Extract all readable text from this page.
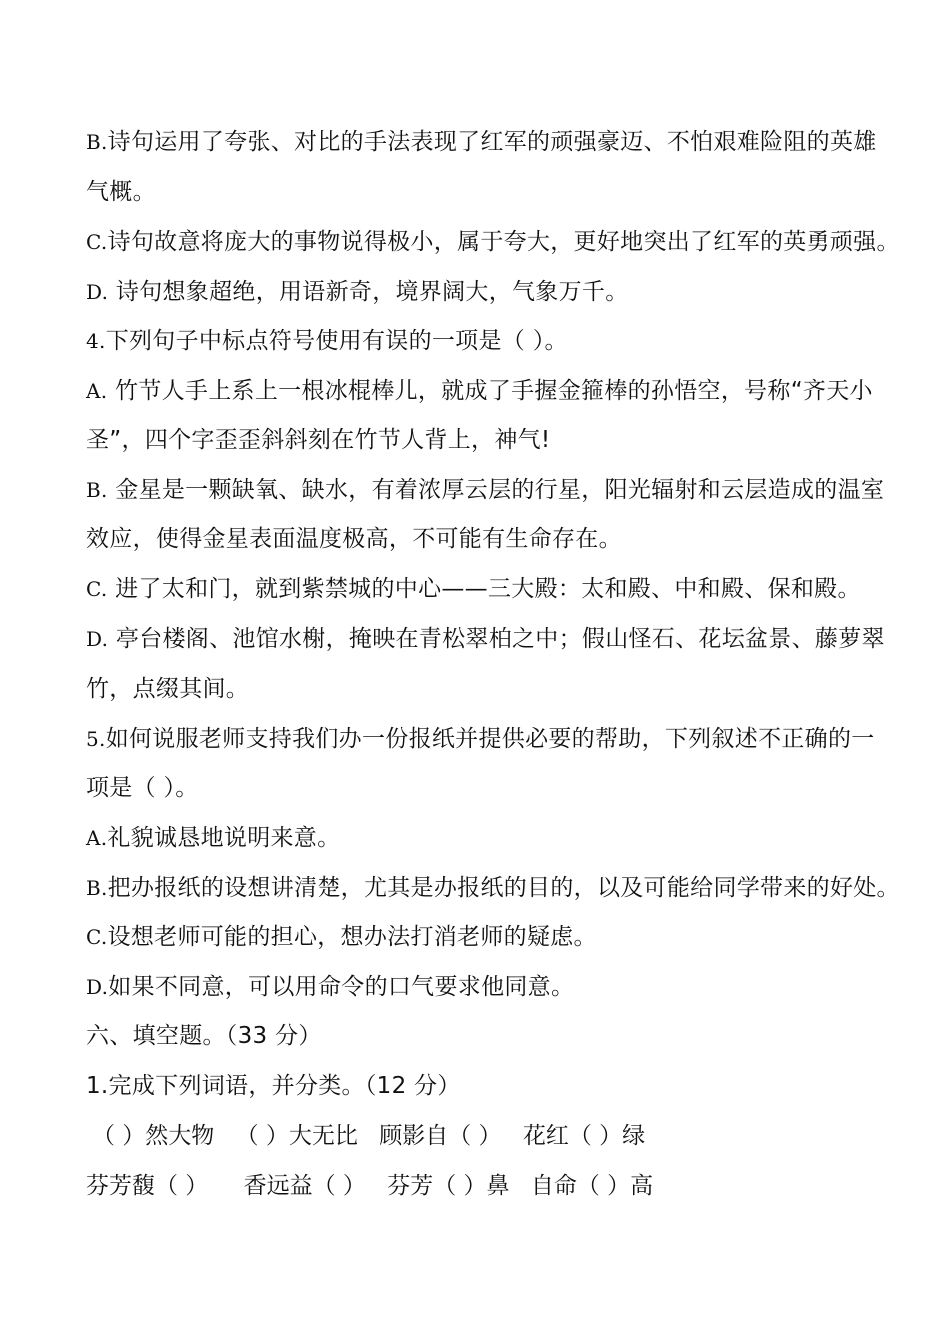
B.诗句运用了夸张、对比的手法表现了红军的顽强豪迈、不怕艰难险阻的英雄
气概。
C.诗句故意将庞大的事物说得极小，属于夸大，更好地突出了红军的英勇顽强。
D. 诗句想象超绝，用语新奇，境界阔大，气象万千。
4.下列句子中标点符号使用有误的一项是（ ）。
A. 竹节人手上系上一根冰棍棒儿，就成了手握金箍棒的孙悟空，号称“齐天小
圣”，四个字歪歪斜斜刻在竹节人背上，神气!
B. 金星是一颗缺氧、缺水，有着浓厚云层的行星，阳光辐射和云层造成的温室
效应，使得金星表面温度极高，不可能有生命存在。
C. 进了太和门，就到紫禁城的中心——三大殿：太和殿、中和殿、保和殿。
D. 亭台楼阁、池馆水榭，掩映在青松翠柏之中；假山怪石、花坛盆景、藤萝翠
竹，点缀其间。
5.如何说服老师支持我们办一份报纸并提供必要的帮助，下列叙述不正确的一
项是（ ）。
A.礼貌诚恳地说明来意。
B.把办报纸的设想讲清楚，尤其是办报纸的目的，以及可能给同学带来的好处。
C.设想老师可能的担心，想办法打消老师的疑虑。
D.如果不同意，可以用命令的口气要求他同意。
六、填空题。（33 分）
1.完成下列词语，并分类。（12 分）
（ ）然大物 （ ）大无比 顾影自（ ） 花红（ ）绿
芬芳馥（ ） 香远益（ ） 芬芳（ ）鼻 自命（ ）高
